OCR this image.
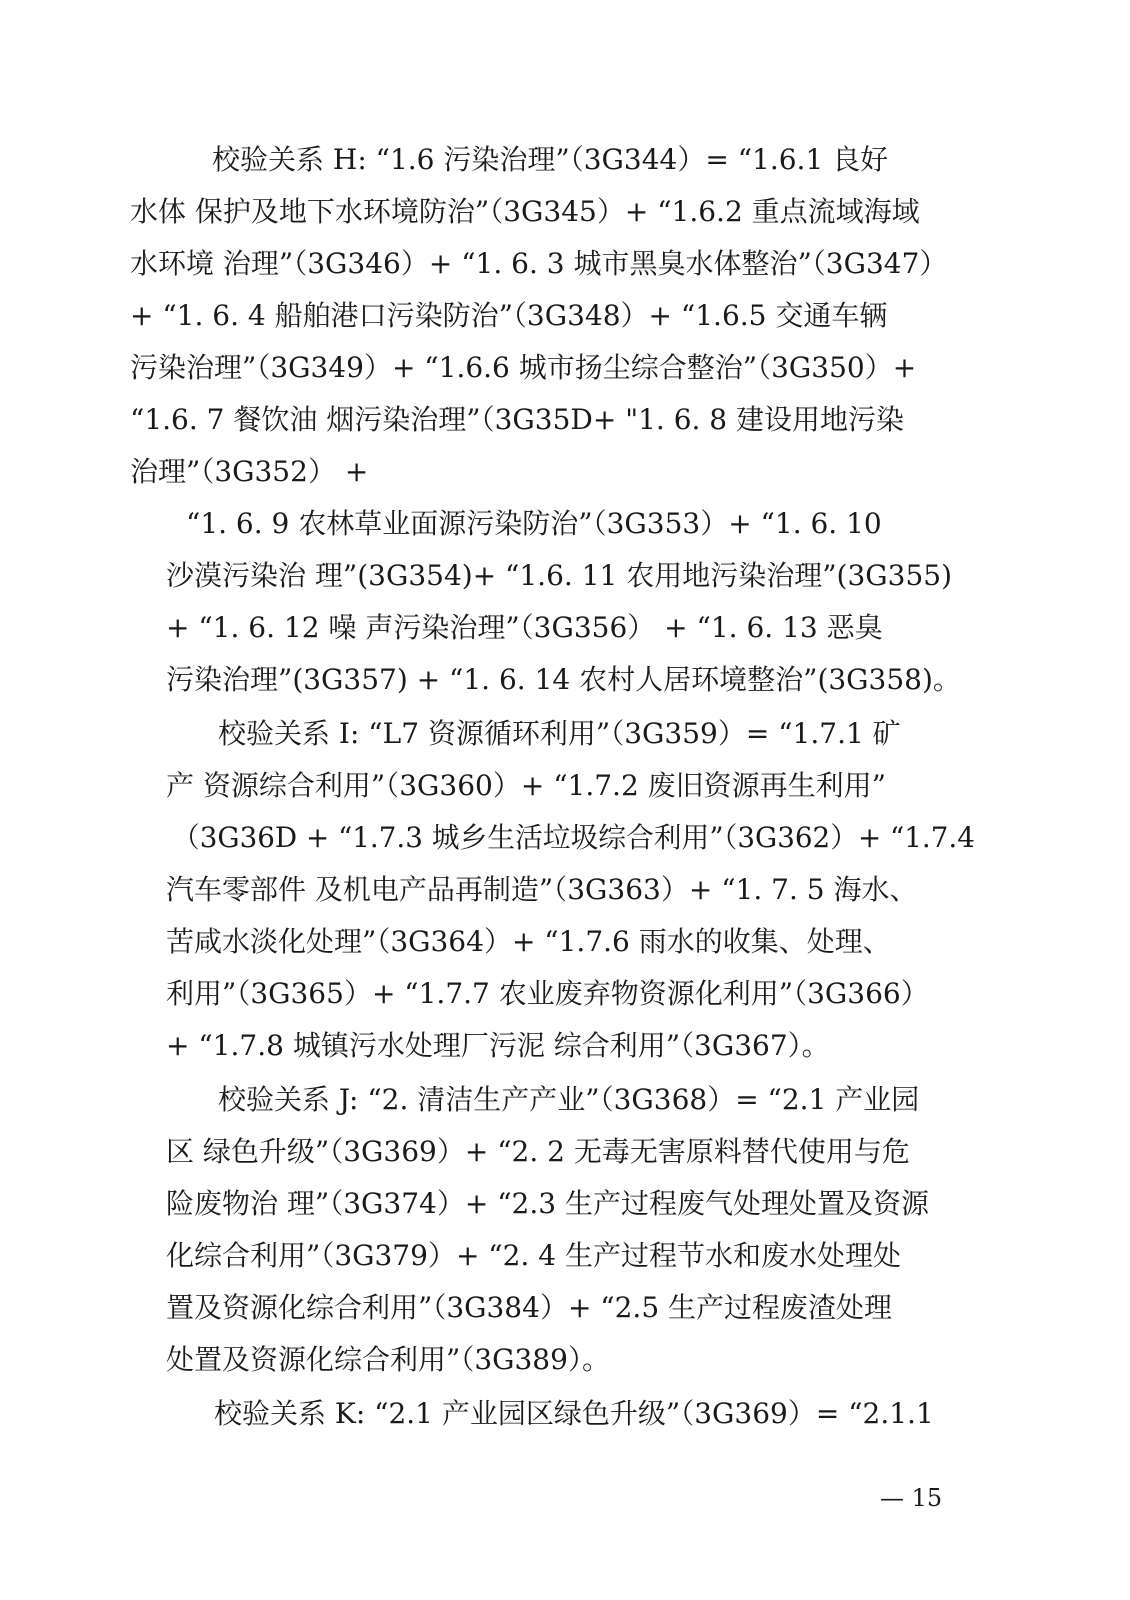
校验关系 H: “1.6 污染治理”（3G344）= “1.6.1 良好
水体 保护及地下水环境防治”（3G345）+ “1.6.2 重点流域海域
水环境 治理”（3G346）+ “1. 6. 3 城市黑臭水体整治”（3G347）
+ “1. 6. 4 船舶港口污染防治”（3G348）+ “1.6.5 交通车辆
污染治理”（3G349）+ “1.6.6 城市扬尘综合整治”（3G350）+
“1.6. 7 餐饮油 烟污染治理”（3G35D+ "1. 6. 8 建设用地污染
治理”（3G352） +
“1. 6. 9 农林草业面源污染防治”（3G353）+ “1. 6. 10
沙漠污染治 理”(3G354)+ “1.6. 11 农用地污染治理”(3G355)
+ “1. 6. 12 噪 声污染治理”（3G356） + “1. 6. 13 恶臭
污染治理”(3G357) + “1. 6. 14 农村人居环境整治”(3G358)。
校验关系 I: “L7 资源循环利用”（3G359）= “1.7.1 矿
产 资源综合利用”（3G360）+ “1.7.2 废旧资源再生利用”
（3G36D + “1.7.3 城乡生活垃圾综合利用”（3G362）+ “1.7.4
汽车零部件 及机电产品再制造”（3G363）+ “1. 7. 5 海水、
苦咸水淡化处理”（3G364）+ “1.7.6 雨水的收集、处理、
利用”（3G365）+ “1.7.7 农业废弃物资源化利用”（3G366）
+ “1.7.8 城镇污水处理厂污泥 综合利用”（3G367）。
校验关系 J: “2. 清洁生产产业”（3G368）= “2.1 产业园
区 绿色升级”（3G369）+ “2. 2 无毒无害原料替代使用与危
险废物治 理”（3G374）+ “2.3 生产过程废气处理处置及资源
化综合利用”（3G379）+ “2. 4 生产过程节水和废水处理处
置及资源化综合利用”（3G384）+ “2.5 生产过程废渣处理
处置及资源化综合利用”（3G389）。
校验关系 K: “2.1 产业园区绿色升级”（3G369）= “2.1.1
— 15
